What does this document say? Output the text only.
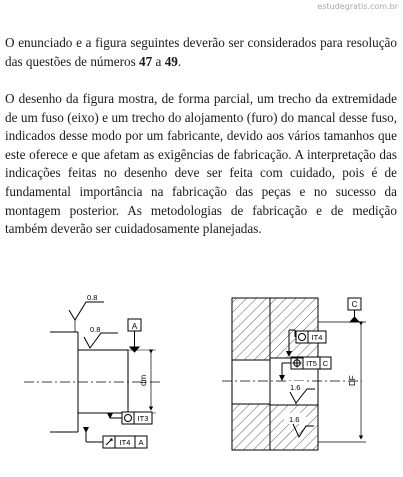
estudegratis.com.br
O enunciado e a figura seguintes deverão ser considerados para resolução das questões de números 47 a 49.
O desenho da figura mostra, de forma parcial, um trecho da extremidade de um fuso (eixo) e um trecho do alojamento (furo) do mancal desse fuso, indicados desse modo por um fabricante, devido aos vários tamanhos que este oferece e que afetam as exigências de fabricação. A interpretação das indicações feitas no desenho deve ser feita com cuidado, pois é de fundamental importância na fabricação das peças e no sucesso da montagem posterior. As metodologias de fabricação e de medição também deverão ser cuidadosamente planejadas.
0.8
0.8	A
dm
IT3
IT4 A
C
DF
IT4
IT5 C
1.6
1.6
